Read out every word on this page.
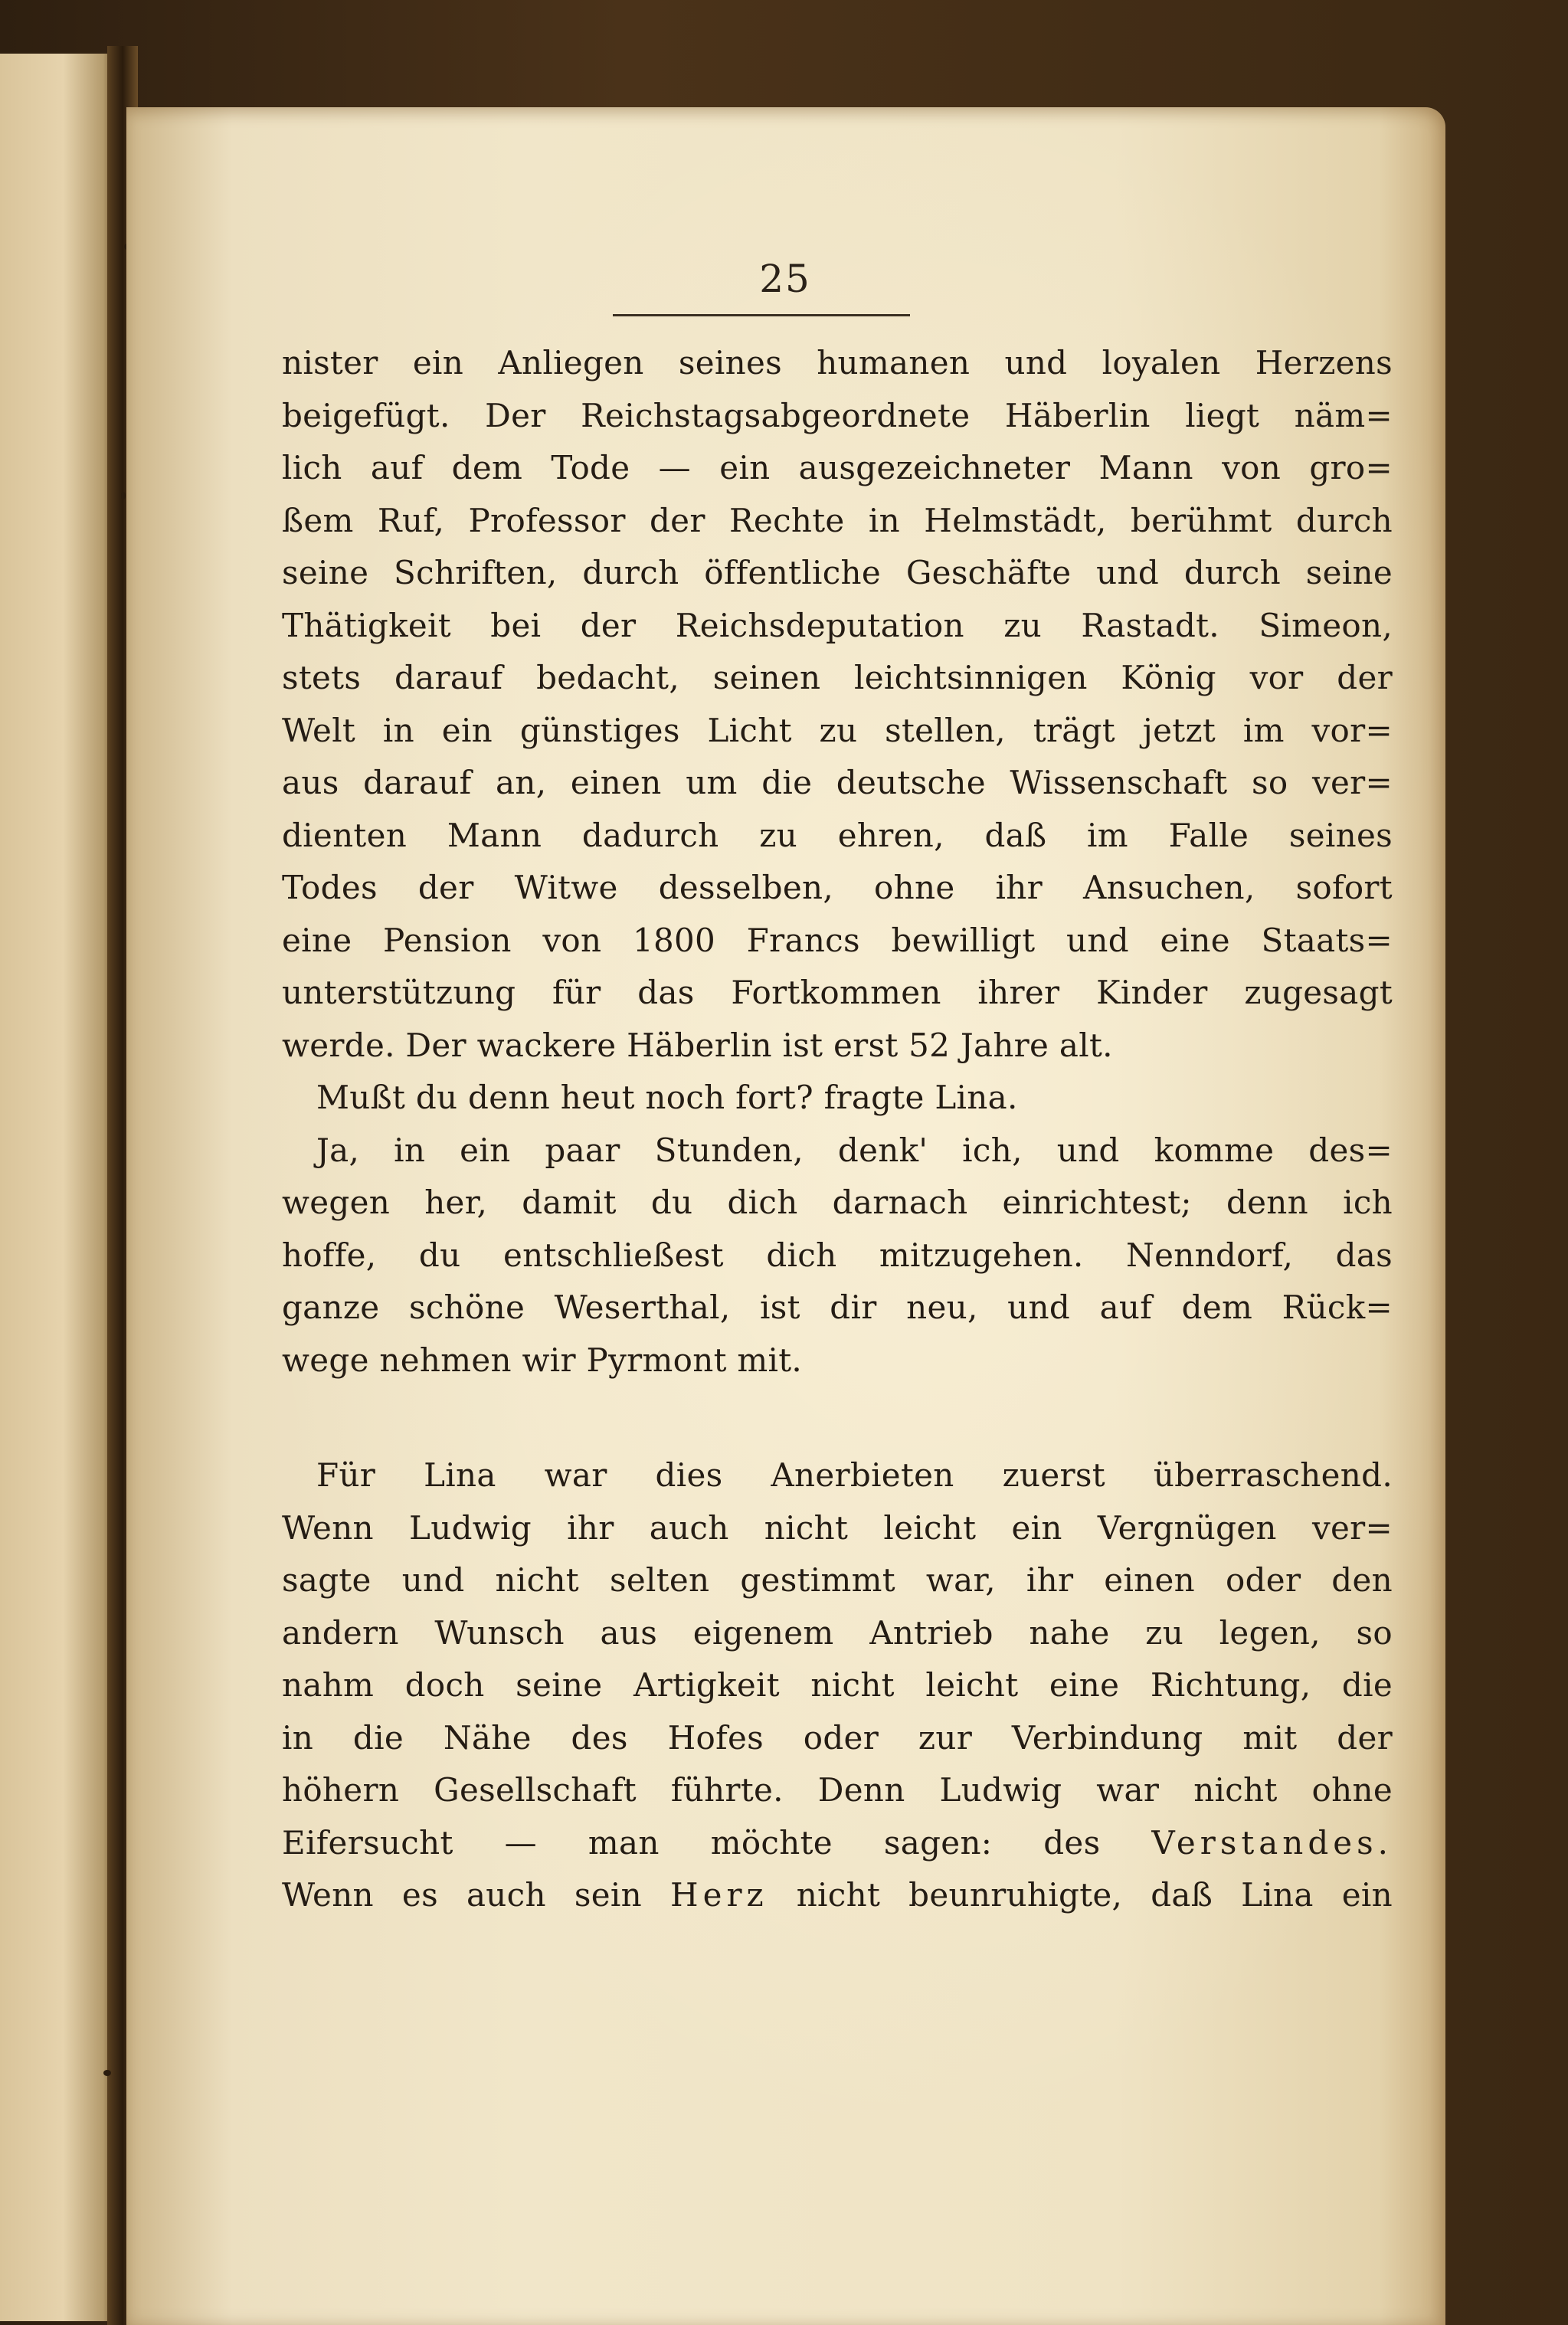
25
nister ein Anliegen seines humanen und loyalen Herzens
beigefügt. Der Reichstagsabgeordnete Häberlin liegt näm=
lich auf dem Tode — ein ausgezeichneter Mann von gro=
ßem Ruf, Professor der Rechte in Helmstädt, berühmt durch
seine Schriften, durch öffentliche Geschäfte und durch seine
Thätigkeit bei der Reichsdeputation zu Rastadt. Simeon,
stets darauf bedacht, seinen leichtsinnigen König vor der
Welt in ein günstiges Licht zu stellen, trägt jetzt im vor=
aus darauf an, einen um die deutsche Wissenschaft so ver=
dienten Mann dadurch zu ehren, daß im Falle seines
Todes der Witwe desselben, ohne ihr Ansuchen, sofort
eine Pension von 1800 Francs bewilligt und eine Staats=
unterstützung für das Fortkommen ihrer Kinder zugesagt
werde. Der wackere Häberlin ist erst 52 Jahre alt.
Mußt du denn heut noch fort? fragte Lina.
Ja, in ein paar Stunden, denk' ich, und komme des=
wegen her, damit du dich darnach einrichtest; denn ich
hoffe, du entschließest dich mitzugehen. Nenndorf, das
ganze schöne Weserthal, ist dir neu, und auf dem Rück=
wege nehmen wir Pyrmont mit.
Für Lina war dies Anerbieten zuerst überraschend.
Wenn Ludwig ihr auch nicht leicht ein Vergnügen ver=
sagte und nicht selten gestimmt war, ihr einen oder den
andern Wunsch aus eigenem Antrieb nahe zu legen, so
nahm doch seine Artigkeit nicht leicht eine Richtung, die
in die Nähe des Hofes oder zur Verbindung mit der
höhern Gesellschaft führte. Denn Ludwig war nicht ohne
Eifersucht — man möchte sagen: des Verstandes.
Wenn es auch sein Herz nicht beunruhigte, daß Lina ein
